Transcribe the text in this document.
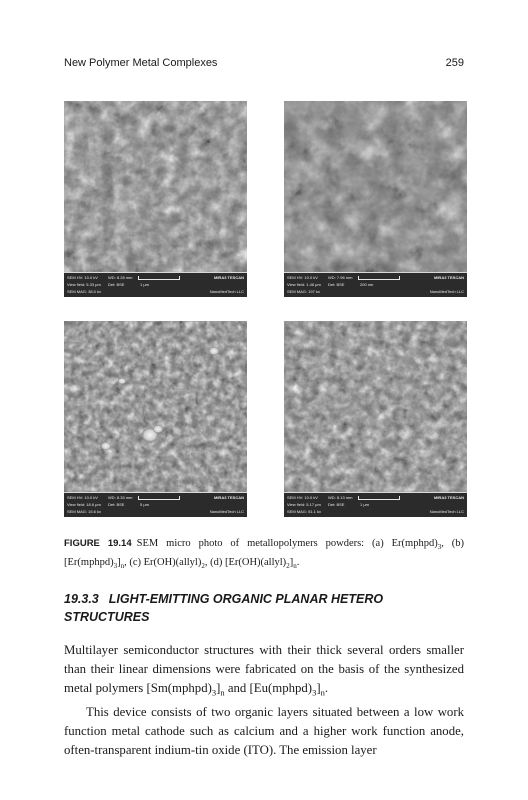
New Polymer Metal Complexes	259
SEM HV: 10.0 kV	WD: 8.28 mm	MIRA3 TESCAN
View field: 5.33 μm Det: BSE	1 μm
SEM MAG: 38.0 kx	NanoMedTech LLC
SEM HV: 10.0 kV	WD: 7.96 mm	MIRA3 TESCAN
View field: 1.46 μm Det: BSE	200 nm
SEM MAG: 197 kx	NanoMedTech LLC
SEM HV: 10.0 kV	WD: 8.33 mm	MIRA3 TESCAN
View field: 18.6 μm Det: BSE	5 μm
SEM MAG: 15.6 kx	NanoMedTech LLC
SEM HV: 10.0 kV	WD: 8.13 mm	MIRA3 TESCAN
View field: 5.17 μm Det: BSE	1 μm
SEM MAG: 51.1 kx	NanoMedTech LLC
FIGURE 19.14 SEM micro photo of metallopolymers powders: (a) $Er(mphpd)_3$, (b) $[Er(mphpd)_3]_n$, (c) $Er(OH)(allyl)_2$, (d) $[Er(OH)(allyl)_2]_n$.
19.3.3 LIGHT-EMITTING ORGANIC PLANAR HETERO STRUCTURES

Multilayer semiconductor structures with their thick several orders smaller than their linear dimensions were fabricated on the basis of the synthesized metal polymers $[Sm(mphpd)_3]_n$ and $[Eu(mphpd)_3]_n$.

This device consists of two organic layers situated between a low work function metal cathode such as calcium and a higher work function anode, often-transparent indium-tin oxide (ITO). The emission layer
